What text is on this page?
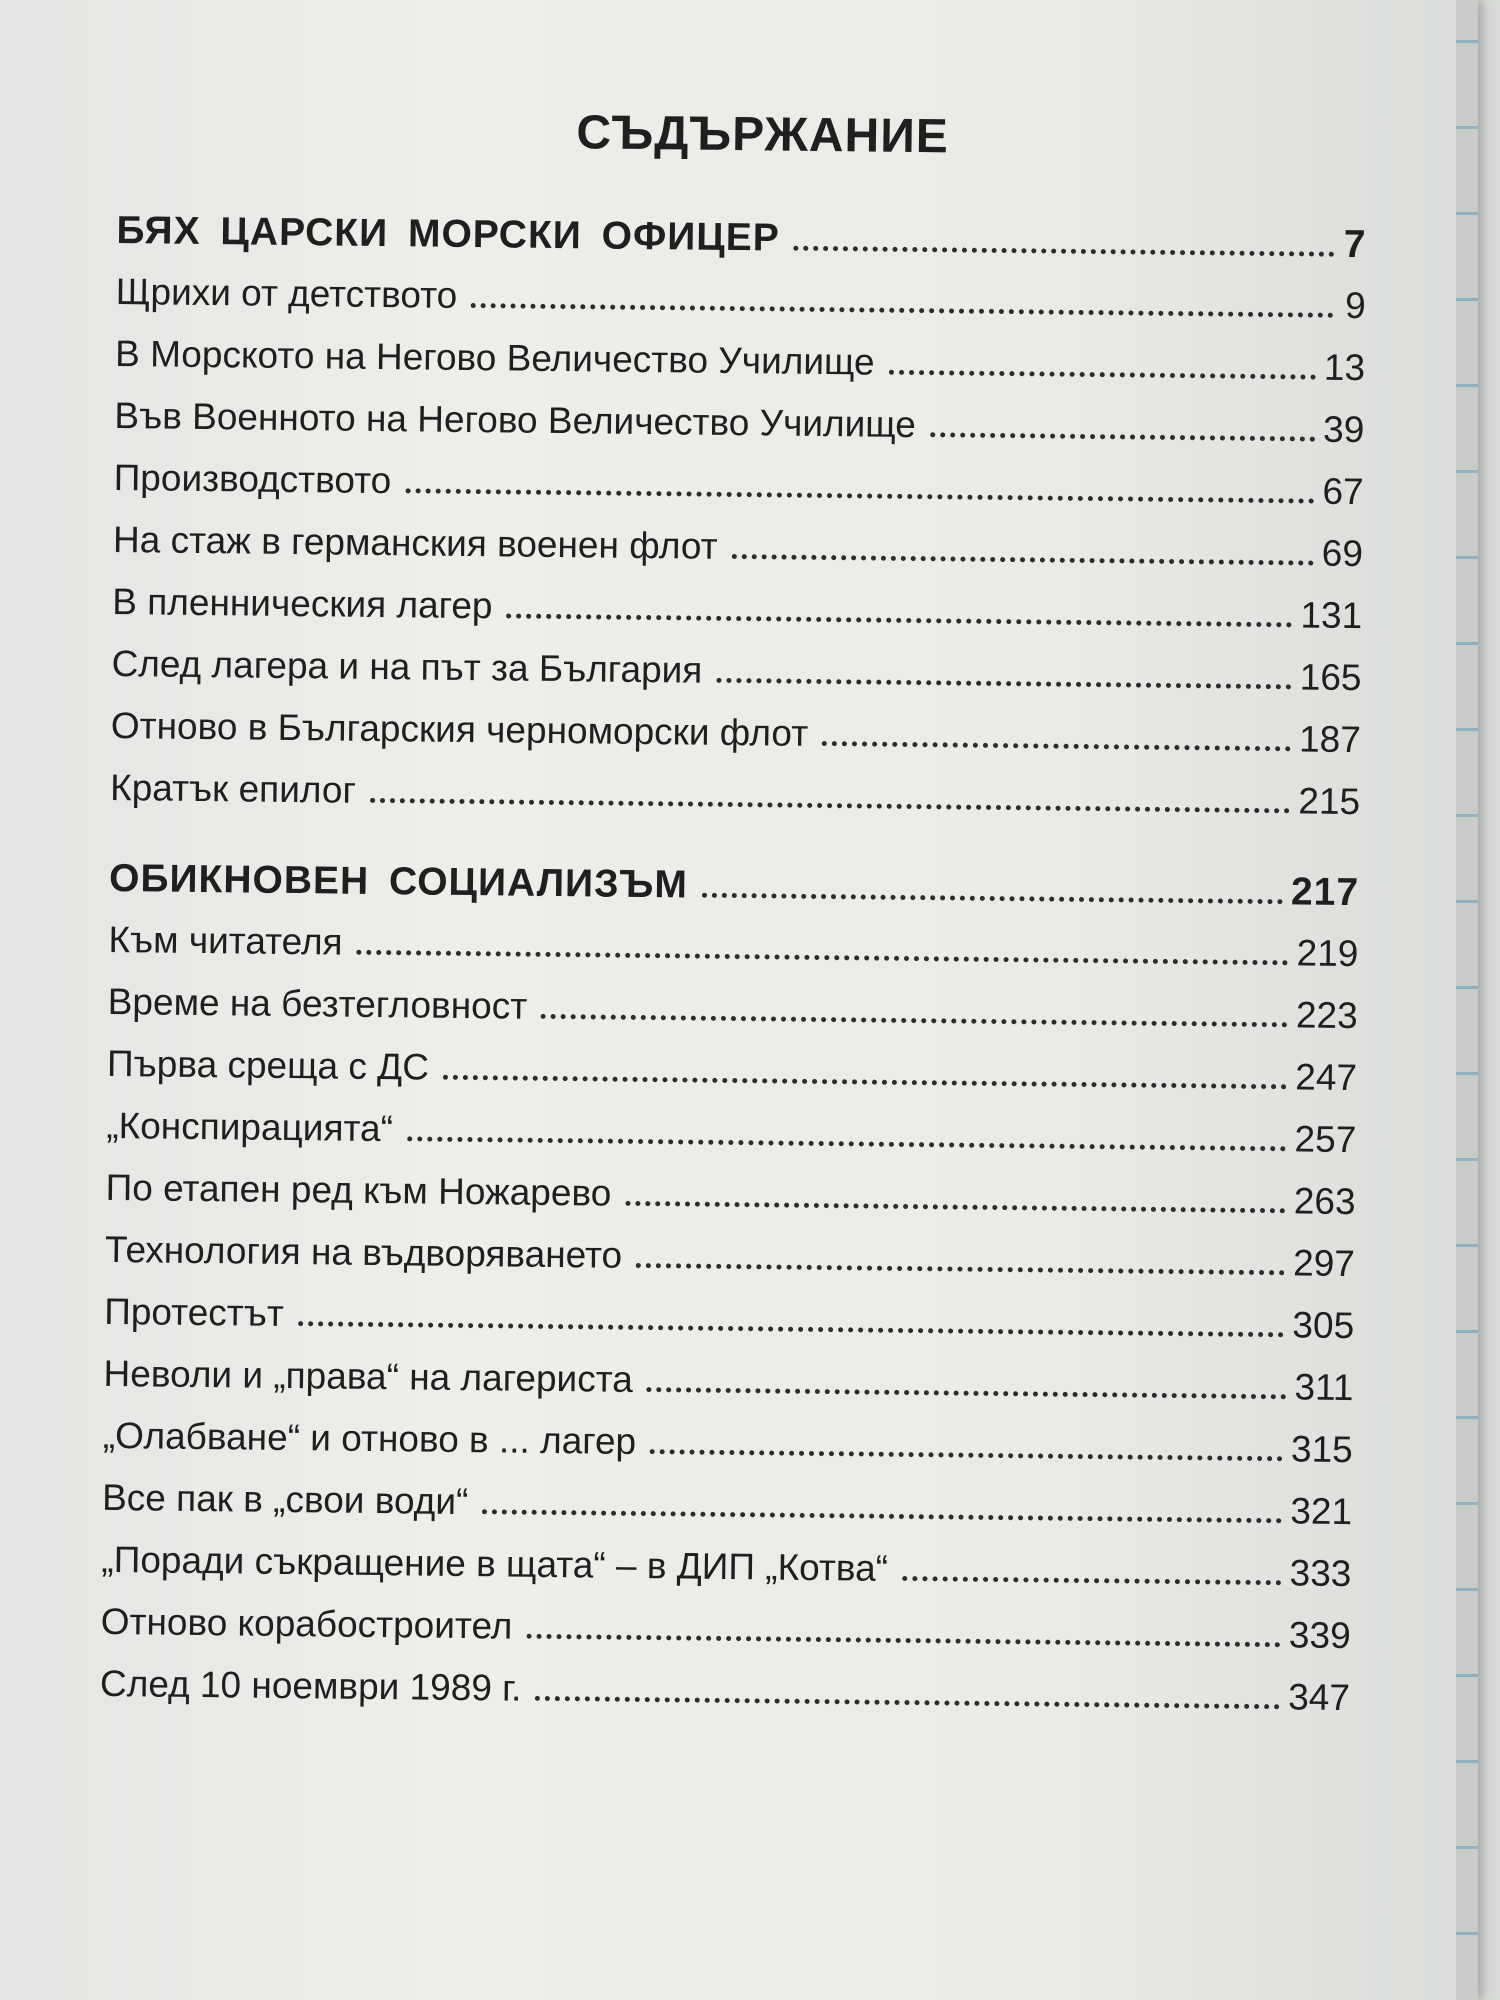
СЪДЪРЖАНИЕ
БЯХ ЦАРСКИ МОРСКИ ОФИЦЕР	7
Щрихи от детството	9
В Морското на Негово Величество Училище	13
Във Военното на Негово Величество Училище	39
Производството	67
На стаж в германския военен флот	69
В пленническия лагер	131
След лагера и на път за България	165
Отново в Българския черноморски флот	187
Кратък епилог	215
ОБИКНОВЕН СОЦИАЛИЗЪМ	217
Към читателя	219
Време на безтегловност	223
Първа среща с ДС	247
„Конспирацията“	257
По етапен ред към Ножарево	263
Технология на въдворяването	297
Протестът	305
Неволи и „права“ на лагериста	311
„Олабване“ и отново в ... лагер	315
Все пак в „свои води“	321
„Поради съкращение в щата“ – в ДИП „Котва“	333
Отново корабостроител	339
След 10 ноември 1989 г.	347
